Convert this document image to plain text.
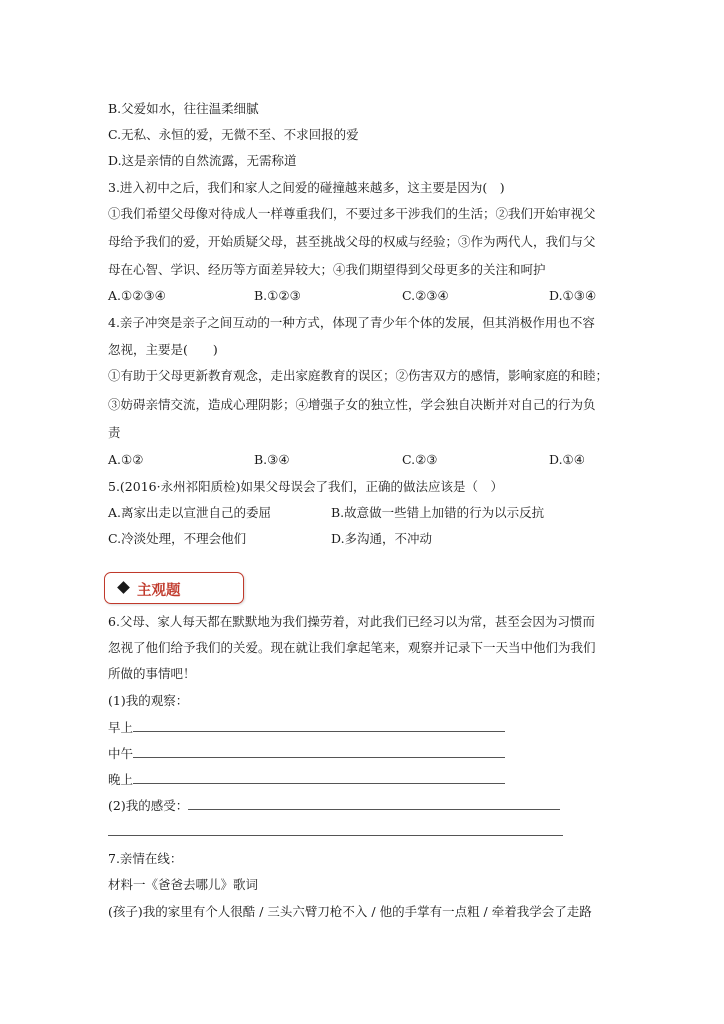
B.父爱如水，往往温柔细腻
C.无私、永恒的爱，无微不至、不求回报的爱
D.这是亲情的自然流露，无需称道
3.进入初中之后，我们和家人之间爱的碰撞越来越多，这主要是因为(　)
①我们希望父母像对待成人一样尊重我们，不要过多干涉我们的生活；②我们开始审视父
母给予我们的爱，开始质疑父母，甚至挑战父母的权威与经验；③作为两代人，我们与父
母在心智、学识、经历等方面差异较大；④我们期望得到父母更多的关注和呵护
A.①②③④	B.①②③	C.②③④	D.①③④
4.亲子冲突是亲子之间互动的一种方式，体现了青少年个体的发展，但其消极作用也不容
忽视，主要是(　　)
①有助于父母更新教育观念，走出家庭教育的误区；②伤害双方的感情，影响家庭的和睦；
③妨碍亲情交流，造成心理阴影；④增强子女的独立性，学会独自决断并对自己的行为负
责
A.①②	B.③④	C.②③	D.①④
5.(2016·永州祁阳质检)如果父母误会了我们，正确的做法应该是（　）
A.离家出走以宣泄自己的委屈	B.故意做一些错上加错的行为以示反抗
C.冷淡处理，不理会他们	D.多沟通，不冲动
主观题
6.父母、家人每天都在默默地为我们操劳着，对此我们已经习以为常，甚至会因为习惯而
忽视了他们给予我们的关爱。现在就让我们拿起笔来，观察并记录下一天当中他们为我们
所做的事情吧！
(1)我的观察：
早上
中午
晚上
(2)我的感受：
7.亲情在线：
材料一《爸爸去哪儿》歌词
(孩子)我的家里有个人很酷 / 三头六臂刀枪不入 / 他的手掌有一点粗 / 牵着我学会了走路
